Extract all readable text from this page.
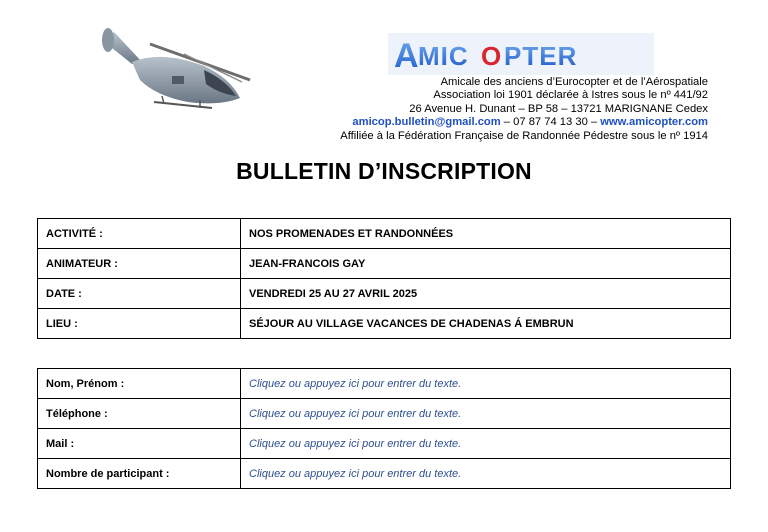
A MIC O PTER
Amicale des anciens d’Eurocopter et de l’Aérospatiale
Association loi 1901 déclarée à Istres sous le nº 441/92
26 Avenue H. Dunant – BP 58 – 13721 MARIGNANE Cedex
amicop.bulletin@gmail.com – 07 87 74 13 30 – www.amicopter.com
Affiliée à la Fédération Française de Randonnée Pédestre sous le nº 1914
BULLETIN D’INSCRIPTION
ACTIVITÉ :	NOS PROMENADES ET RANDONNÉES
ANIMATEUR :	JEAN-FRANCOIS GAY
DATE :	VENDREDI 25 AU 27 AVRIL 2025
LIEU :	SÉJOUR AU VILLAGE VACANCES DE CHADENAS Á EMBRUN
Nom, Prénom :	Cliquez ou appuyez ici pour entrer du texte.
Téléphone :	Cliquez ou appuyez ici pour entrer du texte.
Mail :	Cliquez ou appuyez ici pour entrer du texte.
Nombre de participant :	Cliquez ou appuyez ici pour entrer du texte.
